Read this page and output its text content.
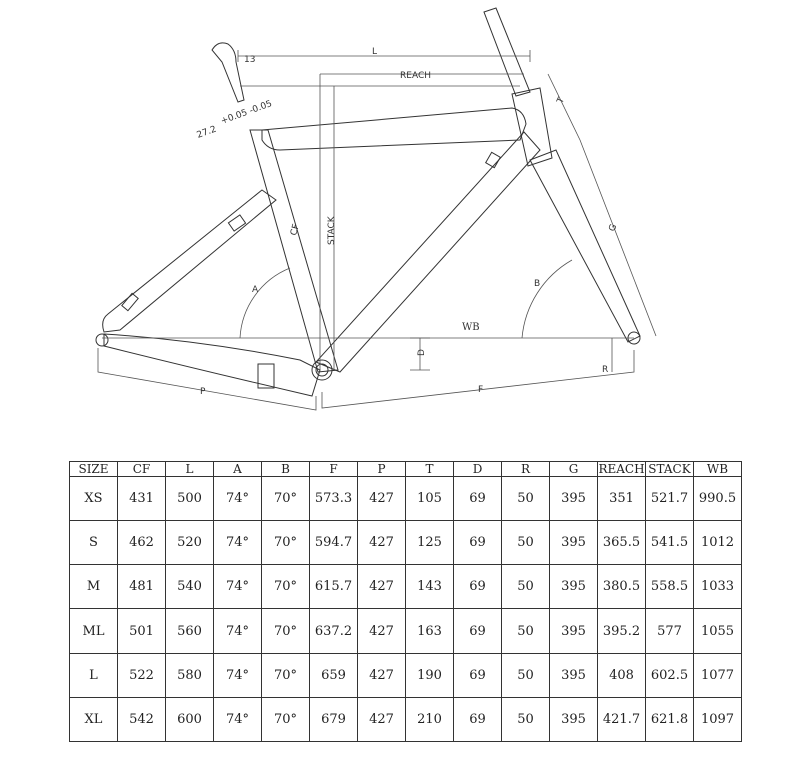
L
REACH
STACK
CF
WB
T
G
A
B
D
P	F
R
13
27.2
+0.05 -0.05
SIZE	CF	L	A	B	F	P	T	D	R	G	REACH	STACK	WB
XS	431	500	74°	70°	573.3	427	105	69	50	395	351	521.7	990.5
S	462	520	74°	70°	594.7	427	125	69	50	395	365.5	541.5	1012
M	481	540	74°	70°	615.7	427	143	69	50	395	380.5	558.5	1033
ML	501	560	74°	70°	637.2	427	163	69	50	395	395.2	577	1055
L	522	580	74°	70°	659	427	190	69	50	395	408	602.5	1077
XL	542	600	74°	70°	679	427	210	69	50	395	421.7	621.8	1097
